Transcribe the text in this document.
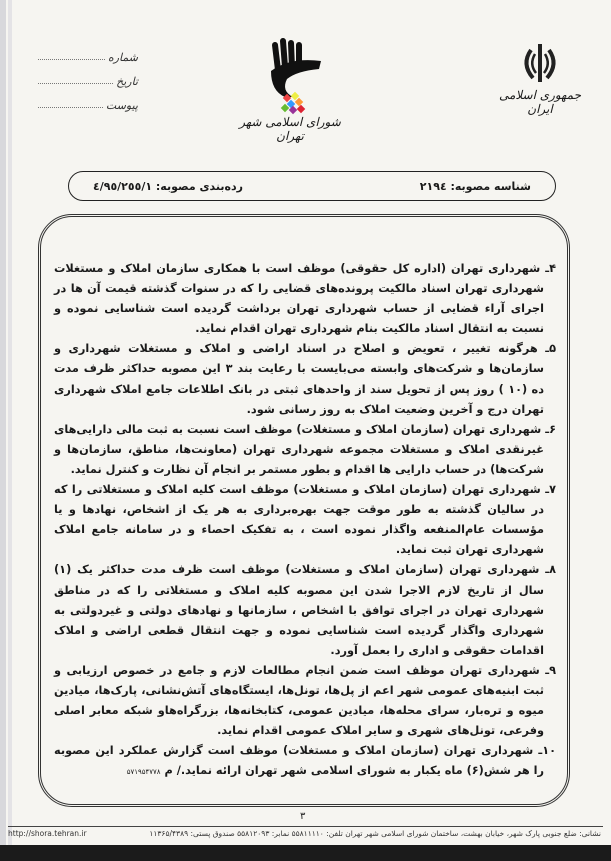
شماره
تاریخ
پیوست
شورای اسلامی شهر تهران
جمهوری اسلامی ایران
شناسه مصوبه: ۲۱۹٤
رده‌بندی مصوبه: ٤/٩٥/٢٥٥/١

۴ـ شهرداری تهران (اداره کل حقوقی) موظف است با همکاری سازمان املاک و مستغلات شهرداری تهران اسناد مالکیت پرونده‌های قضایی را که در سنوات گذشته قیمت آن ها در اجرای آراء قضایی از حساب شهرداری تهران برداشت گردیده است شناسایی نموده و نسبت به انتقال اسناد مالکیت بنام شهرداری تهران اقدام نماید.

۵ـ هرگونه تغییر ، تعویض و اصلاح در اسناد اراضی و املاک و مستغلات شهرداری و سازمان‌ها و شرکت‌های وابسته می‌بایست با رعایت بند ۳ این مصوبه حداکثر ظرف مدت ده (۱۰ ) روز پس از تحویل سند از واحدهای ثبتی در بانک اطلاعات جامع املاک شهرداری تهران درج و آخرین وضعیت املاک به روز رسانی شود.

۶ـ شهرداری تهران (سازمان املاک و مستغلات) موظف است نسبت به ثبت مالی دارایی‌های غیرنقدی املاک و مستغلات مجموعه شهرداری تهران (معاونت‌ها، مناطق، سازمان‌ها و شرکت‌ها) در حساب دارایی ها اقدام و بطور مستمر بر انجام آن نظارت و کنترل نماید.

۷ـ شهرداری تهران (سازمان املاک و مستغلات) موظف است کلیه املاک و مستغلاتی را که در سالیان گذشته به طور موقت جهت بهره‌برداری به هر یک از اشخاص، نهادها و یا مؤسسات عام‌المنفعه واگذار نموده است ، به تفکیک احصاء و در سامانه جامع املاک شهرداری تهران ثبت نماید.

۸ـ شهرداری تهران (سازمان املاک و مستغلات) موظف است ظرف مدت حداکثر یک (۱) سال از تاریخ لازم الاجرا شدن این مصوبه کلیه املاک و مستغلاتی را که در مناطق شهرداری تهران در اجرای توافق با اشخاص ، سازمانها و نهادهای دولتی و غیردولتی به شهرداری واگذار گردیده است شناسایی نموده و جهت انتقال قطعی اراضی و املاک اقدامات حقوقی و اداری را بعمل آورد.

۹ـ شهرداری تهران موظف است ضمن انجام مطالعات لازم و جامع در خصوص ارزیابی و ثبت ابنیه‌های عمومی شهر اعم از پل‌ها، تونل‌ها، ایستگاه‌های آتش‌نشانی، پارک‌ها، میادین میوه و تره‌بار، سرای محله‌ها، میادین عمومی، کتابخانه‌ها، بزرگراه‌هاو شبکه معابر اصلی وفرعی، تونل‌های شهری و سایر املاک عمومی اقدام نماید.

۱۰ـ شهرداری تهران (سازمان املاک و مستغلات) موظف است گزارش عملکرد این مصوبه را هر شش(۶) ماه یکبار به شورای اسلامی شهر تهران ارائه نماید./ م ۵۷۱۹۵۴۷۷۸

۳
http://shora.tehran.ir	نشانی: ضلع جنوبی پارک شهر، خیابان بهشت، ساختمان شورای اسلامی شهر تهران تلفن: ۵۵۸۱۱۱۱۰ نمابر: ۵۵۸۱۲۰۹۳ صندوق پستی: ۱۱۳۶۵/۴۳۸۹
